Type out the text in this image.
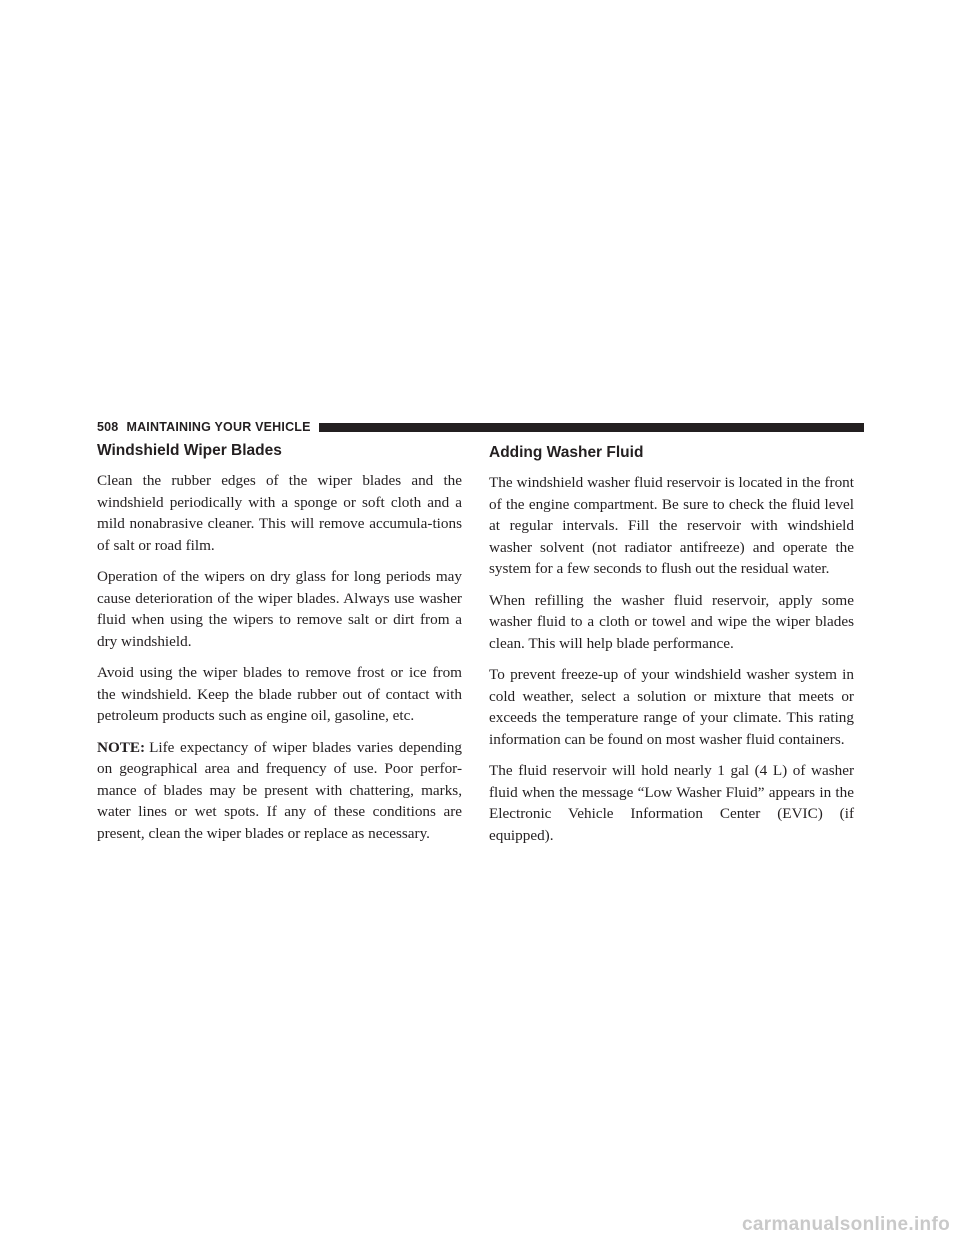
508 MAINTAINING YOUR VEHICLE
Windshield Wiper Blades

Clean the rubber edges of the wiper blades and the windshield periodically with a sponge or soft cloth and a mild nonabrasive cleaner. This will remove accumula-tions of salt or road film.

Operation of the wipers on dry glass for long periods may cause deterioration of the wiper blades. Always use washer fluid when using the wipers to remove salt or dirt from a dry windshield.

Avoid using the wiper blades to remove frost or ice from the windshield. Keep the blade rubber out of contact with petroleum products such as engine oil, gasoline, etc.

NOTE: Life expectancy of wiper blades varies depending on geographical area and frequency of use. Poor perfor-mance of blades may be present with chattering, marks, water lines or wet spots. If any of these conditions are present, clean the wiper blades or replace as necessary.

Adding Washer Fluid

The windshield washer fluid reservoir is located in the front of the engine compartment. Be sure to check the fluid level at regular intervals. Fill the reservoir with windshield washer solvent (not radiator antifreeze) and operate the system for a few seconds to flush out the residual water.

When refilling the washer fluid reservoir, apply some washer fluid to a cloth or towel and wipe the wiper blades clean. This will help blade performance.

To prevent freeze-up of your windshield washer system in cold weather, select a solution or mixture that meets or exceeds the temperature range of your climate. This rating information can be found on most washer fluid containers.

The fluid reservoir will hold nearly 1 gal (4 L) of washer fluid when the message “Low Washer Fluid” appears in the Electronic Vehicle Information Center (EVIC) (if equipped).

carmanualsonline.info
